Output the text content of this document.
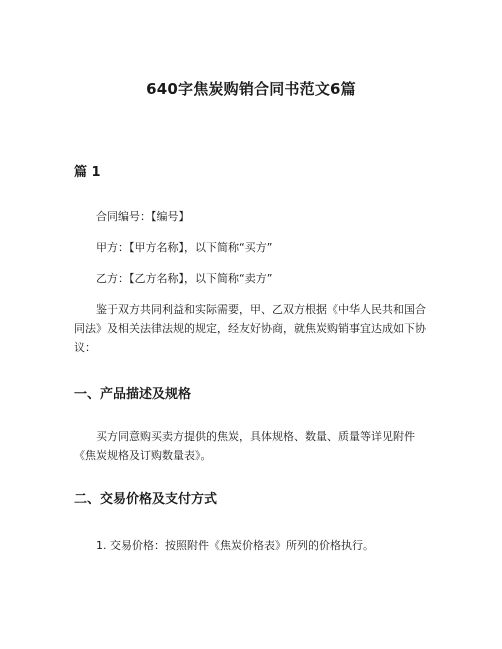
640字焦炭购销合同书范文6篇
篇 1
合同编号：【编号】
甲方：【甲方名称】，以下简称“买方”
乙方：【乙方名称】，以下简称“卖方”
鉴于双方共同利益和实际需要，甲、乙双方根据《中华人民共和国合同法》及相关法律法规的规定，经友好协商，就焦炭购销事宜达成如下协议：
一、产品描述及规格
买方同意购买卖方提供的焦炭，具体规格、数量、质量等详见附件《焦炭规格及订购数量表》。
二、交易价格及支付方式
1. 交易价格：按照附件《焦炭价格表》所列的价格执行。
